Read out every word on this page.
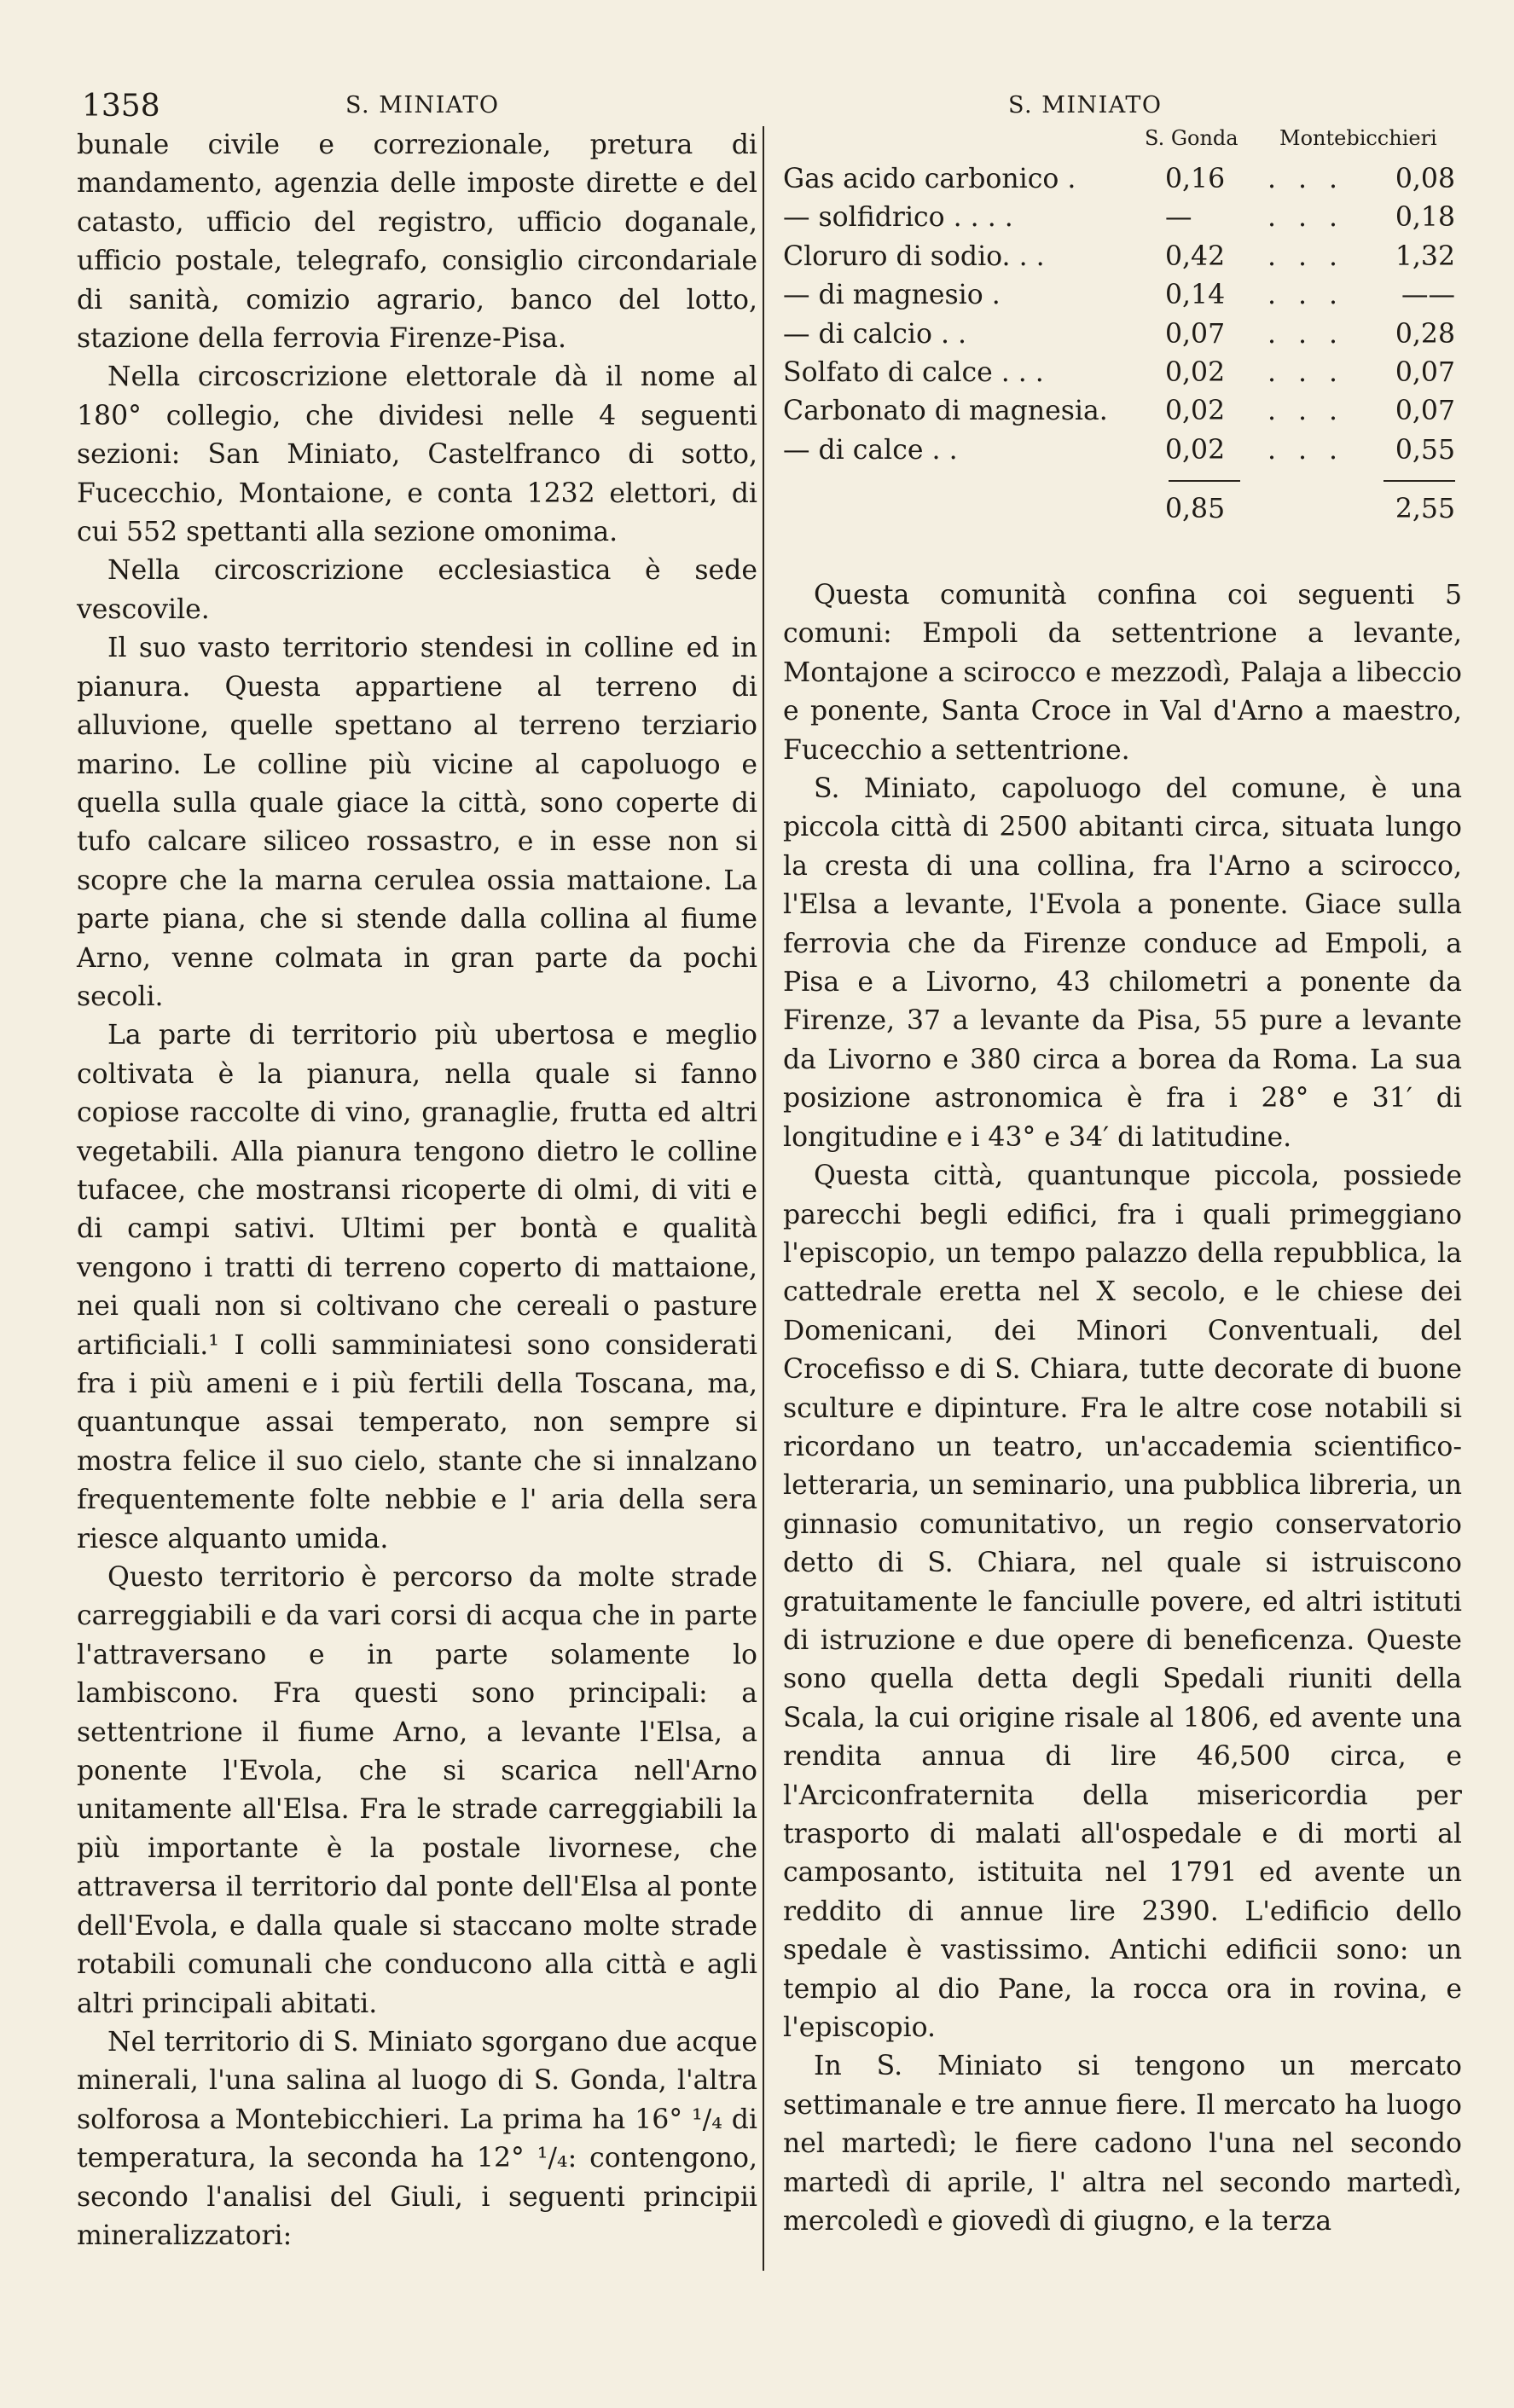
1358	S. MINIATO	S. MINIATO

bunale civile e correzionale, pretura di mandamento, agenzia delle imposte dirette e del catasto, ufficio del registro, ufficio doganale, ufficio postale, telegrafo, consiglio circondariale di sanità, comizio agrario, banco del lotto, stazione della ferrovia Firenze-Pisa.

Nella circoscrizione elettorale dà il nome al 180° collegio, che dividesi nelle 4 seguenti sezioni: San Miniato, Castelfranco di sotto, Fucecchio, Montaione, e conta 1232 elettori, di cui 552 spettanti alla sezione omonima.

Nella circoscrizione ecclesiastica è sede vescovile.

Il suo vasto territorio stendesi in colline ed in pianura. Questa appartiene al terreno di alluvione, quelle spettano al terreno terziario marino. Le colline più vicine al capoluogo e quella sulla quale giace la città, sono coperte di tufo calcare siliceo rossastro, e in esse non si scopre che la marna cerulea ossia mattaione. La parte piana, che si stende dalla collina al fiume Arno, venne colmata in gran parte da pochi secoli.

La parte di territorio più ubertosa e meglio coltivata è la pianura, nella quale si fanno copiose raccolte di vino, granaglie, frutta ed altri vegetabili. Alla pianura tengono dietro le colline tufacee, che mostransi ricoperte di olmi, di viti e di campi sativi. Ultimi per bontà e qualità vengono i tratti di terreno coperto di mattaione, nei quali non si coltivano che cereali o pasture artificiali.¹ I colli samminiatesi sono considerati fra i più ameni e i più fertili della Toscana, ma, quantunque assai temperato, non sempre si mostra felice il suo cielo, stante che si innalzano frequentemente folte nebbie e l' aria della sera riesce alquanto umida.

Questo territorio è percorso da molte strade carreggiabili e da vari corsi di acqua che in parte l'attraversano e in parte solamente lo lambiscono. Fra questi sono principali: a settentrione il fiume Arno, a levante l'Elsa, a ponente l'Evola, che si scarica nell'Arno unitamente all'Elsa. Fra le strade carreggiabili la più importante è la postale livornese, che attraversa il territorio dal ponte dell'Elsa al ponte dell'Evola, e dalla quale si staccano molte strade rotabili comunali che conducono alla città e agli altri principali abitati.

Nel territorio di S. Miniato sgorgano due acque minerali, l'una salina al luogo di S. Gonda, l'altra solforosa a Montebicchieri. La prima ha 16° ¹/₄ di temperatura, la seconda ha 12° ¹/₄: contengono, secondo l'analisi del Giuli, i seguenti principii mineralizzatori:

S. Gonda Montebicchieri
Gas acido carbonico .	0,16	. . .	0,08
— solfidrico . . . .	—	. . .	0,18
Cloruro di sodio. . .	0,42	. . .	1,32
— di magnesio .	0,14	. . .	——
— di calcio . .	0,07	. . .	0,28
Solfato di calce . . .	0,02	. . .	0,07
Carbonato di magnesia. 0,02	. . .	0,07
— di calce . .	0,02	. . .	0,55
0,85	2,55

Questa comunità confina coi seguenti 5 comuni: Empoli da settentrione a levante, Montajone a scirocco e mezzodì, Palaja a libeccio e ponente, Santa Croce in Val d'Arno a maestro, Fucecchio a settentrione.

S. Miniato, capoluogo del comune, è una piccola città di 2500 abitanti circa, situata lungo la cresta di una collina, fra l'Arno a scirocco, l'Elsa a levante, l'Evola a ponente. Giace sulla ferrovia che da Firenze conduce ad Empoli, a Pisa e a Livorno, 43 chilometri a ponente da Firenze, 37 a levante da Pisa, 55 pure a levante da Livorno e 380 circa a borea da Roma. La sua posizione astronomica è fra i 28° e 31′ di longitudine e i 43° e 34′ di latitudine.

Questa città, quantunque piccola, possiede parecchi begli edifici, fra i quali primeggiano l'episcopio, un tempo palazzo della repubblica, la cattedrale eretta nel X secolo, e le chiese dei Domenicani, dei Minori Conventuali, del Crocefisso e di S. Chiara, tutte decorate di buone sculture e dipinture. Fra le altre cose notabili si ricordano un teatro, un'accademia scientifico-letteraria, un seminario, una pubblica libreria, un ginnasio comunitativo, un regio conservatorio detto di S. Chiara, nel quale si istruiscono gratuitamente le fanciulle povere, ed altri istituti di istruzione e due opere di beneficenza. Queste sono quella detta degli Spedali riuniti della Scala, la cui origine risale al 1806, ed avente una rendita annua di lire 46,500 circa, e l'Arciconfraternita della misericordia per trasporto di malati all'ospedale e di morti al camposanto, istituita nel 1791 ed avente un reddito di annue lire 2390. L'edificio dello spedale è vastissimo. Antichi edificii sono: un tempio al dio Pane, la rocca ora in rovina, e l'episcopio.

In S. Miniato si tengono un mercato settimanale e tre annue fiere. Il mercato ha luogo nel martedì; le fiere cadono l'una nel secondo martedì di aprile, l' altra nel secondo martedì, mercoledì e giovedì di giugno, e la terza
